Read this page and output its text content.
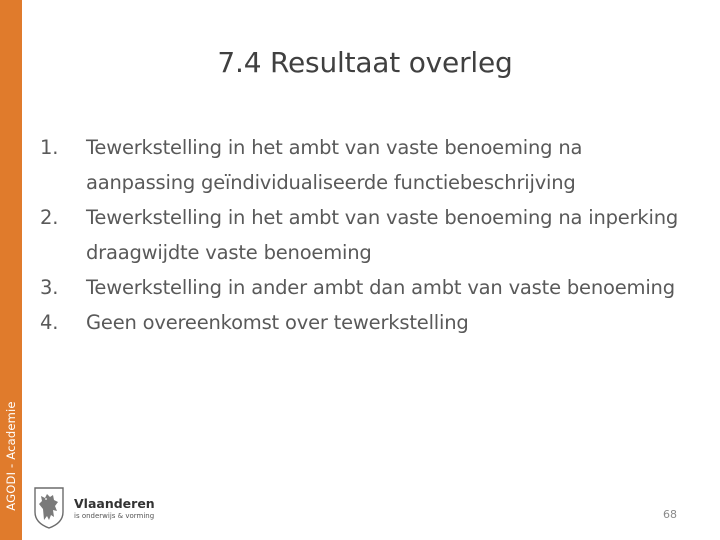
AGODI - Academie
7.4 Resultaat overleg
1. Tewerkstelling in het ambt van vaste benoeming na aanpassing geïndividualiseerde functiebeschrijving
2. Tewerkstelling in het ambt van vaste benoeming na inperking draagwijdte vaste benoeming
3. Tewerkstelling in ander ambt dan ambt van vaste benoeming
4. Geen overeenkomst over tewerkstelling
Vlaanderen
is onderwijs & vorming	68
